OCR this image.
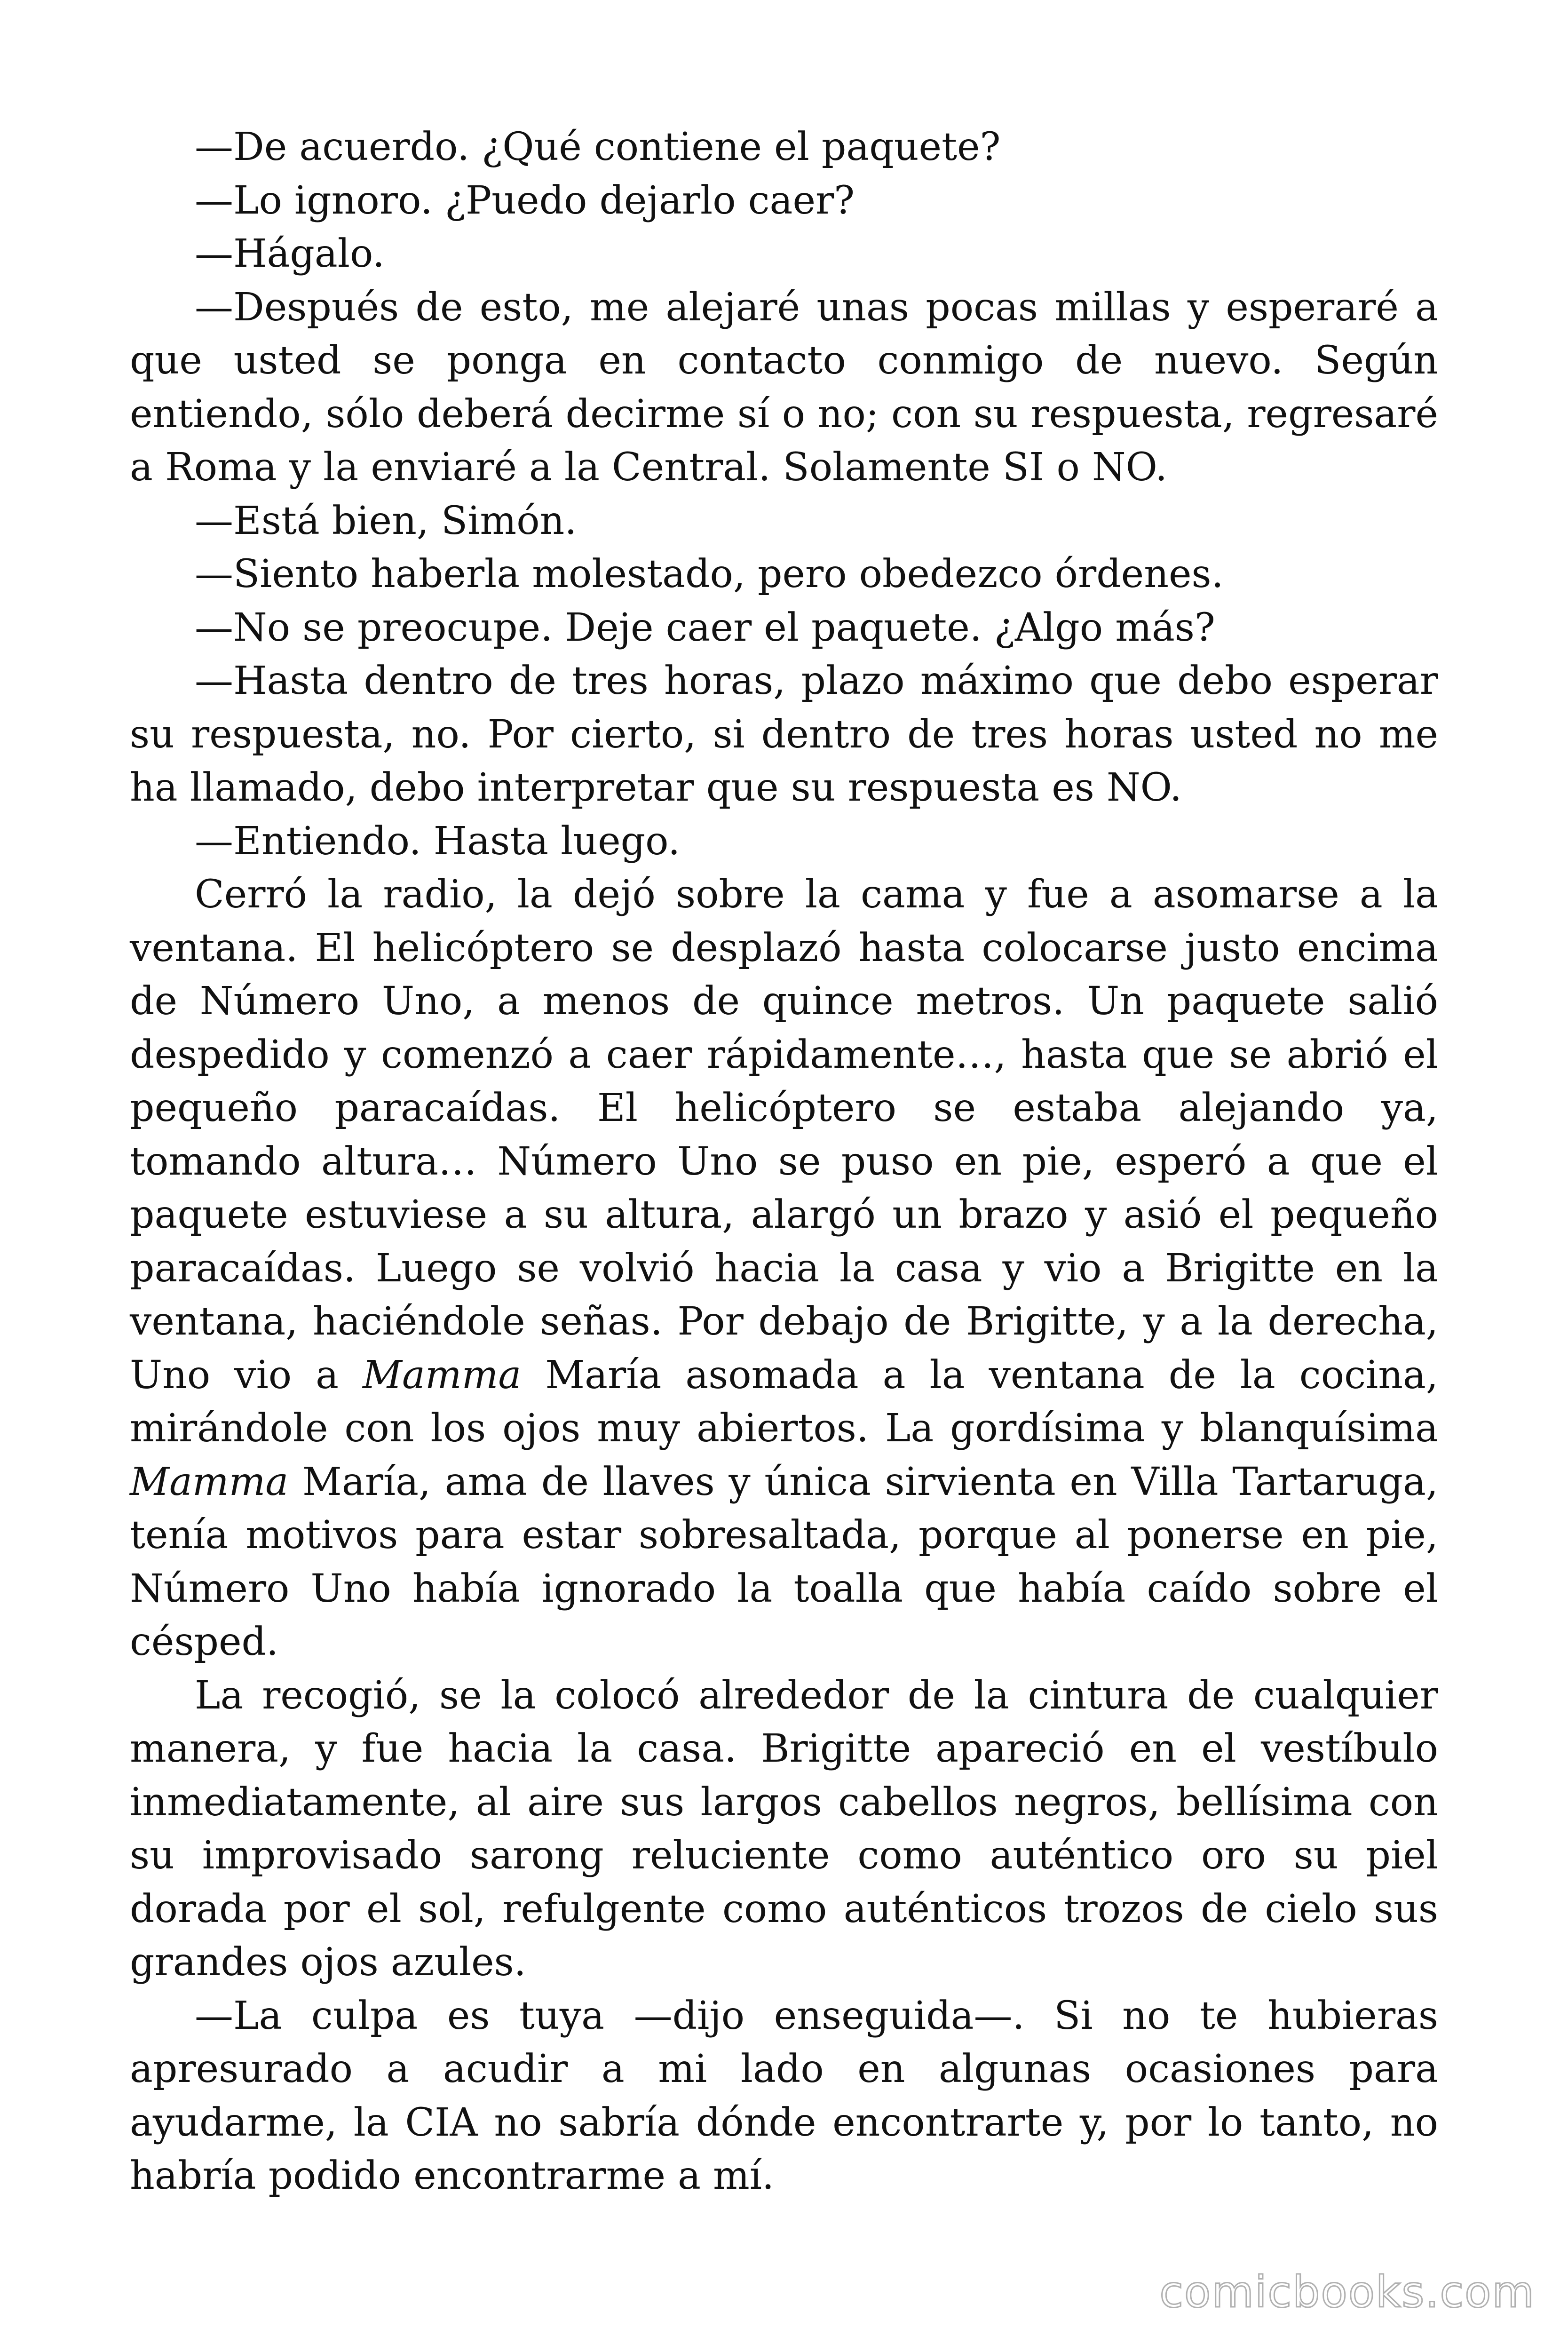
—De acuerdo. ¿Qué contiene el paquete?

—Lo ignoro. ¿Puedo dejarlo caer?

—Hágalo.

—Después de esto, me alejaré unas pocas millas y esperaré a que usted se ponga en contacto conmigo de nuevo. Según entiendo, sólo deberá decirme sí o no; con su respuesta, regresaré a Roma y la enviaré a la Central. Solamente SI o NO.

—Está bien, Simón.

—Siento haberla molestado, pero obedezco órdenes.

—No se preocupe. Deje caer el paquete. ¿Algo más?

—Hasta dentro de tres horas, plazo máximo que debo esperar su respuesta, no. Por cierto, si dentro de tres horas usted no me ha llamado, debo interpretar que su respuesta es NO.

—Entiendo. Hasta luego.

Cerró la radio, la dejó sobre la cama y fue a asomarse a la ventana. El helicóptero se desplazó hasta colocarse justo encima de Número Uno, a menos de quince metros. Un paquete salió despedido y comenzó a caer rápidamente…, hasta que se abrió el pequeño paracaídas. El helicóptero se estaba alejando ya, tomando altura… Número Uno se puso en pie, esperó a que el paquete estuviese a su altura, alargó un brazo y asió el pequeño paracaídas. Luego se volvió hacia la casa y vio a Brigitte en la ventana, haciéndole señas. Por debajo de Brigitte, y a la derecha, Uno vio a Mamma María asomada a la ventana de la cocina, mirándole con los ojos muy abiertos. La gordísima y blanquísima Mamma María, ama de llaves y única sirvienta en Villa Tartaruga, tenía motivos para estar sobresaltada, porque al ponerse en pie, Número Uno había ignorado la toalla que había caído sobre el césped.

La recogió, se la colocó alrededor de la cintura de cualquier manera, y fue hacia la casa. Brigitte apareció en el vestíbulo inmediatamente, al aire sus largos cabellos negros, bellísima con su improvisado sarong reluciente como auténtico oro su piel dorada por el sol, refulgente como auténticos trozos de cielo sus grandes ojos azules.

—La culpa es tuya —dijo enseguida—. Si no te hubieras apresurado a acudir a mi lado en algunas ocasiones para ayudarme, la CIA no sabría dónde encontrarte y, por lo tanto, no habría podido encontrarme a mí.

comicbooks.com
